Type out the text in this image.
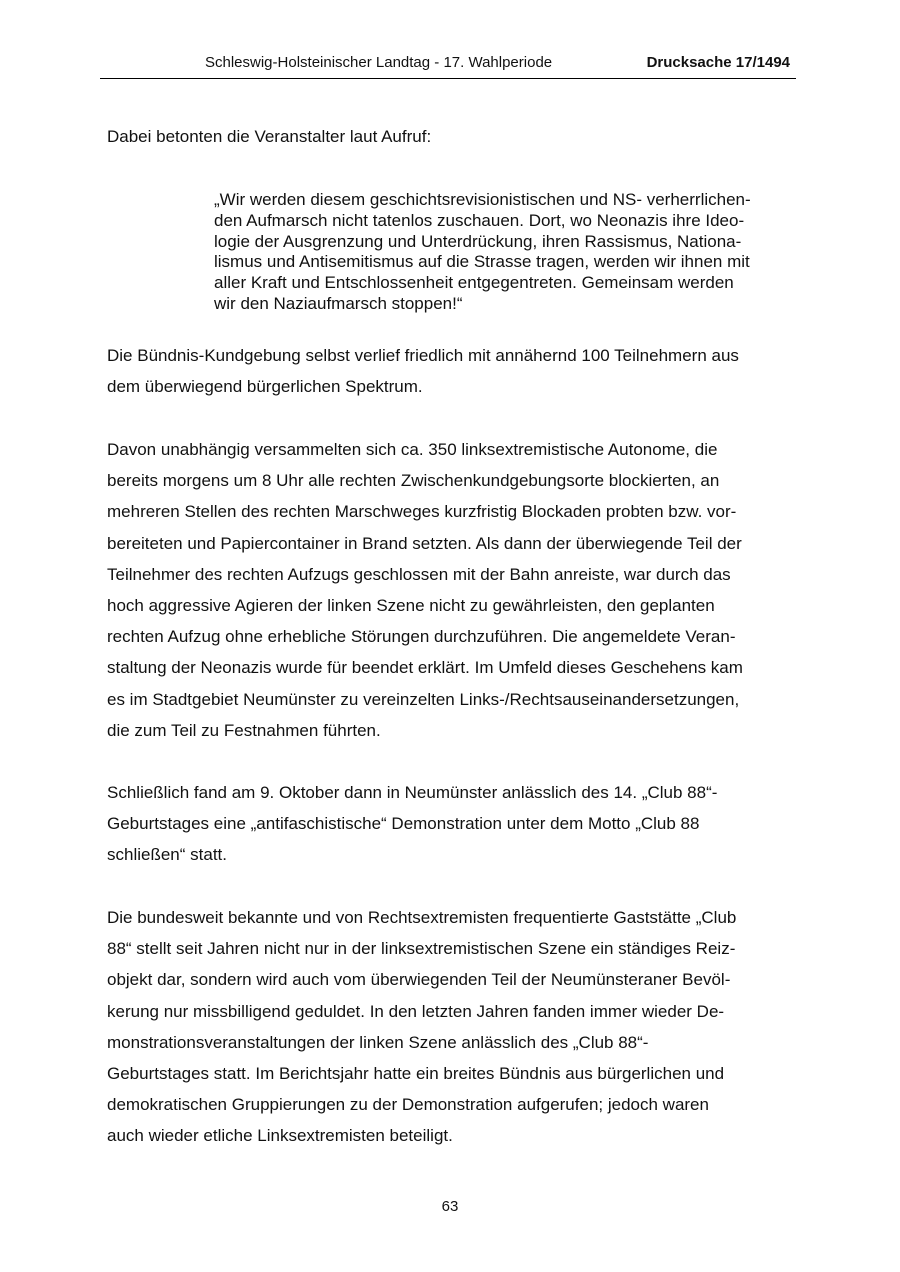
Schleswig-Holsteinischer Landtag - 17. Wahlperiode	Drucksache 17/1494

Dabei betonten die Veranstalter laut Aufruf:

„Wir werden diesem geschichtsrevisionistischen und NS- verherrlichen-
den Aufmarsch nicht tatenlos zuschauen. Dort, wo Neonazis ihre Ideo-
logie der Ausgrenzung und Unterdrückung, ihren Rassismus, Nationa-
lismus und Antisemitismus auf die Strasse tragen, werden wir ihnen mit
aller Kraft und Entschlossenheit entgegentreten. Gemeinsam werden
wir den Naziaufmarsch stoppen!“
Die Bündnis-Kundgebung selbst verlief friedlich mit annähernd 100 Teilnehmern aus
dem überwiegend bürgerlichen Spektrum.
Davon unabhängig versammelten sich ca. 350 linksextremistische Autonome, die
bereits morgens um 8 Uhr alle rechten Zwischenkundgebungsorte blockierten, an
mehreren Stellen des rechten Marschweges kurzfristig Blockaden probten bzw. vor-
bereiteten und Papiercontainer in Brand setzten. Als dann der überwiegende Teil der
Teilnehmer des rechten Aufzugs geschlossen mit der Bahn anreiste, war durch das
hoch aggressive Agieren der linken Szene nicht zu gewährleisten, den geplanten
rechten Aufzug ohne erhebliche Störungen durchzuführen. Die angemeldete Veran-
staltung der Neonazis wurde für beendet erklärt. Im Umfeld dieses Geschehens kam
es im Stadtgebiet Neumünster zu vereinzelten Links-/Rechtsauseinandersetzungen,
die zum Teil zu Festnahmen führten.
Schließlich fand am 9. Oktober dann in Neumünster anlässlich des 14. „Club 88“-
Geburtstages eine „antifaschistische“ Demonstration unter dem Motto „Club 88
schließen“ statt.
Die bundesweit bekannte und von Rechtsextremisten frequentierte Gaststätte „Club
88“ stellt seit Jahren nicht nur in der linksextremistischen Szene ein ständiges Reiz-
objekt dar, sondern wird auch vom überwiegenden Teil der Neumünsteraner Bevöl-
kerung nur missbilligend geduldet. In den letzten Jahren fanden immer wieder De-
monstrationsveranstaltungen der linken Szene anlässlich des „Club 88“-
Geburtstages statt. Im Berichtsjahr hatte ein breites Bündnis aus bürgerlichen und
demokratischen Gruppierungen zu der Demonstration aufgerufen; jedoch waren
auch wieder etliche Linksextremisten beteiligt.
63
